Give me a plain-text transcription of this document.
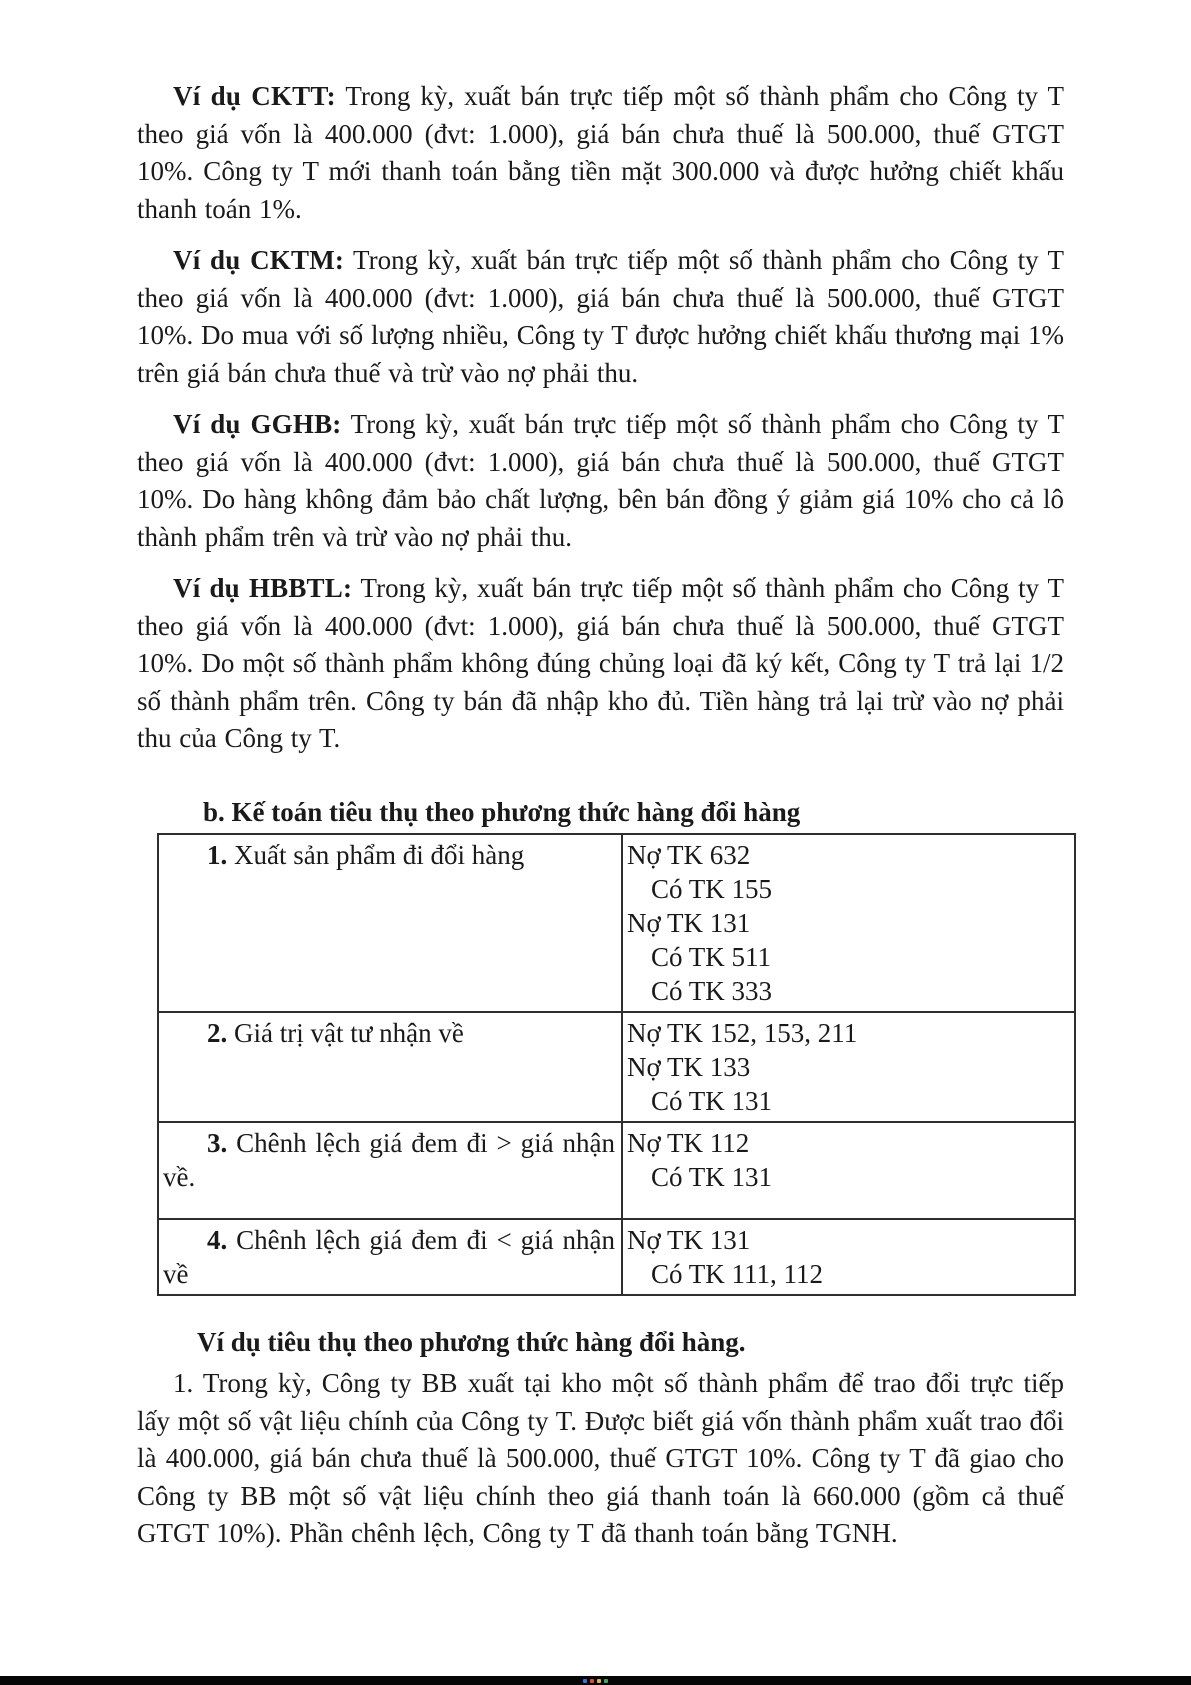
Ví dụ CKTT: Trong kỳ, xuất bán trực tiếp một số thành phẩm cho Công ty T theo giá vốn là 400.000 (đvt: 1.000), giá bán chưa thuế là 500.000, thuế GTGT 10%. Công ty T mới thanh toán bằng tiền mặt 300.000 và được hưởng chiết khấu thanh toán 1%.

Ví dụ CKTM: Trong kỳ, xuất bán trực tiếp một số thành phẩm cho Công ty T theo giá vốn là 400.000 (đvt: 1.000), giá bán chưa thuế là 500.000, thuế GTGT 10%. Do mua với số lượng nhiều, Công ty T được hưởng chiết khấu thương mại 1% trên giá bán chưa thuế và trừ vào nợ phải thu.

Ví dụ GGHB: Trong kỳ, xuất bán trực tiếp một số thành phẩm cho Công ty T theo giá vốn là 400.000 (đvt: 1.000), giá bán chưa thuế là 500.000, thuế GTGT 10%. Do hàng không đảm bảo chất lượng, bên bán đồng ý giảm giá 10% cho cả lô thành phẩm trên và trừ vào nợ phải thu.

Ví dụ HBBTL: Trong kỳ, xuất bán trực tiếp một số thành phẩm cho Công ty T theo giá vốn là 400.000 (đvt: 1.000), giá bán chưa thuế là 500.000, thuế GTGT 10%. Do một số thành phẩm không đúng chủng loại đã ký kết, Công ty T trả lại 1/2 số thành phẩm trên. Công ty bán đã nhập kho đủ. Tiền hàng trả lại trừ vào nợ phải thu của Công ty T.

b. Kế toán tiêu thụ theo phương thức hàng đổi hàng
1. Xuất sản phẩm đi đổi hàng	Nợ TK 632
Có TK 155
Nợ TK 131
Có TK 511
Có TK 333

2. Giá trị vật tư nhận về	Nợ TK 152, 153, 211
Nợ TK 133
Có TK 131

3. Chênh lệch giá đem đi > giá nhận về.	Nợ TK 112
Có TK 131

4. Chênh lệch giá đem đi < giá nhận về	Nợ TK 131
Có TK 111, 112
Ví dụ tiêu thụ theo phương thức hàng đổi hàng.

1. Trong kỳ, Công ty BB xuất tại kho một số thành phẩm để trao đổi trực tiếp lấy một số vật liệu chính của Công ty T. Được biết giá vốn thành phẩm xuất trao đổi là 400.000, giá bán chưa thuế là 500.000, thuế GTGT 10%. Công ty T đã giao cho Công ty BB một số vật liệu chính theo giá thanh toán là 660.000 (gồm cả thuế GTGT 10%). Phần chênh lệch, Công ty T đã thanh toán bằng TGNH.
